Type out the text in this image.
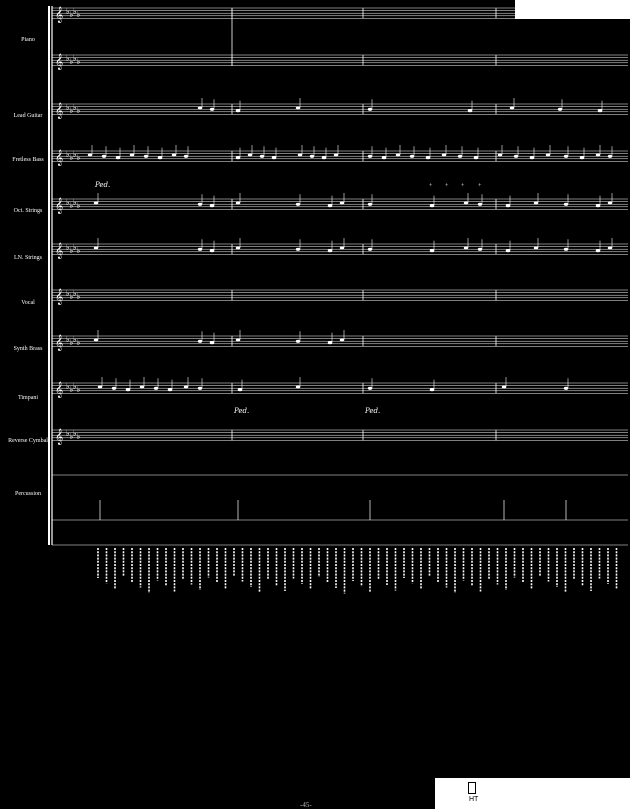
𝄞 ♭ ♭ ♭ ♭
𝄞 ♭ ♭ ♭ ♭
𝄞 ♭ ♭ ♭ ♭
𝄞 ♭ ♭ ♭ ♭
𝄞 ♭ ♭ ♭ ♭
𝄞 ♭ ♭ ♭ ♭
𝄞 ♭ ♭ ♭ ♭
𝄞 ♭ ♭ ♭ ♭
𝄞 ♭ ♭ ♭ ♭
𝄞 ♭ ♭ ♭ ♭
Ped.
Ped.	Ped.
+ + + +
Piano
Lead Guitar
Fretless Bass
Oct. Strings
LN. Strings
Vocal
Synth Brass
Timpani
Reverse Cymbal
Percussion
HT
-45-
